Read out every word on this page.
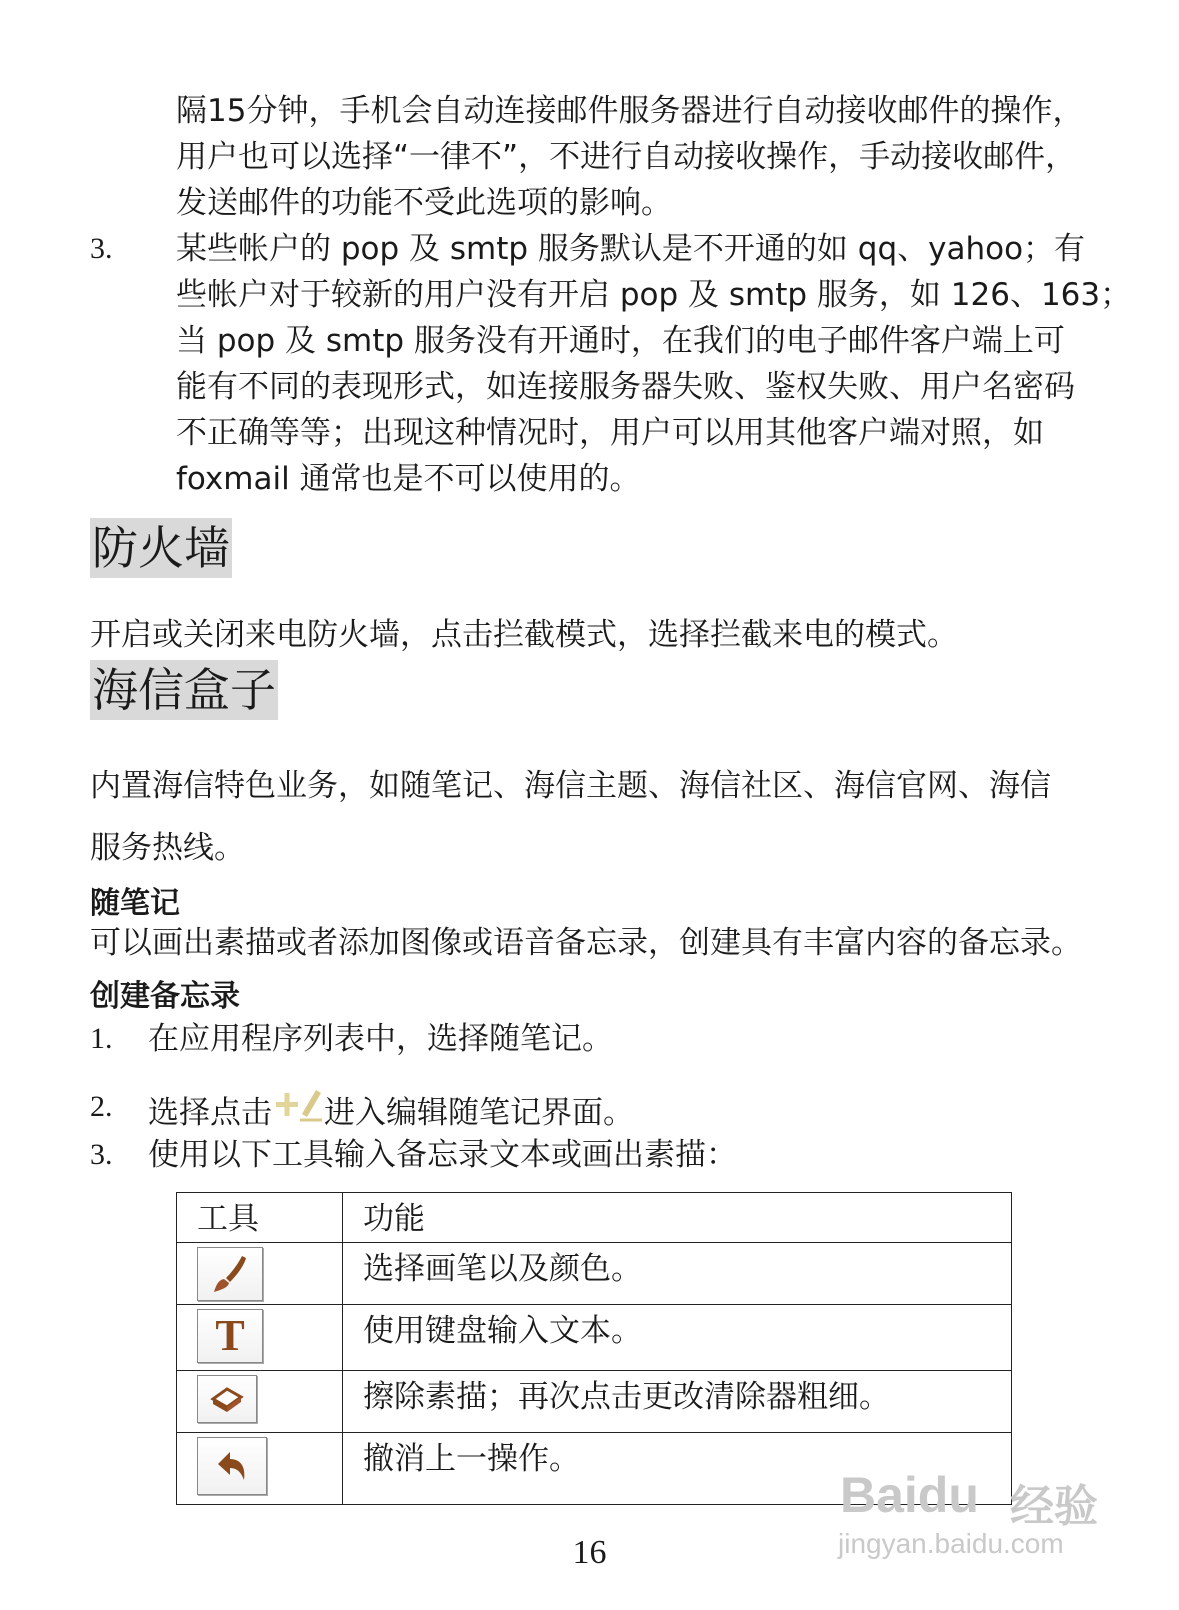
隔15分钟，手机会自动连接邮件服务器进行自动接收邮件的操作，

用户也可以选择“一律不”，不进行自动接收操作，手动接收邮件，

发送邮件的功能不受此选项的影响。

3. 某些帐户的 pop 及 smtp 服务默认是不开通的如 qq、yahoo；有

些帐户对于较新的用户没有开启 pop 及 smtp 服务，如 126、163；

当 pop 及 smtp 服务没有开通时，在我们的电子邮件客户端上可

能有不同的表现形式，如连接服务器失败、鉴权失败、用户名密码

不正确等等；出现这种情况时，用户可以用其他客户端对照，如

foxmail 通常也是不可以使用的。

防火墙

开启或关闭来电防火墙，点击拦截模式，选择拦截来电的模式。

海信盒子

内置海信特色业务，如随笔记、海信主题、海信社区、海信官网、海信

服务热线。

随笔记

可以画出素描或者添加图像或语音备忘录，创建具有丰富内容的备忘录。

创建备忘录

1. 在应用程序列表中，选择随笔记。

2. 选择点击 进入编辑随笔记界面。

3. 使用以下工具输入备忘录文本或画出素描：

工具	功能

	选择画笔以及颜色。

T	使用键盘输入文本。

	擦除素描；再次点击更改清除器粗细。

	撤消上一操作。
16
Baidu 经验
jingyan.baidu.com
